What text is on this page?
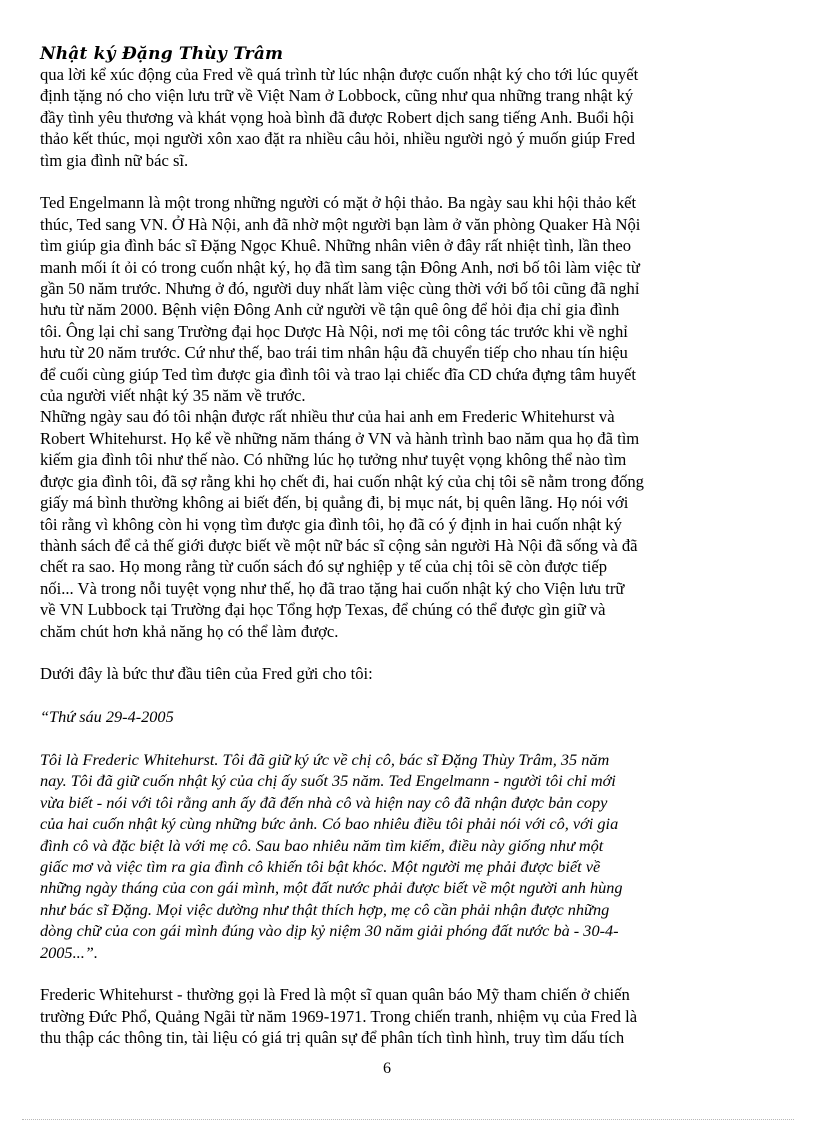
Nhật ký Đặng Thùy Trâm

qua lời kể xúc động của Fred về quá trình từ lúc nhận được cuốn nhật ký cho tới lúc quyết
định tặng nó cho viện lưu trữ về Việt Nam ở Lobbock, cũng như qua những trang nhật ký
đầy tình yêu thương và khát vọng hoà bình đã được Robert dịch sang tiếng Anh. Buổi hội
thảo kết thúc, mọi người xôn xao đặt ra nhiều câu hỏi, nhiều người ngỏ ý muốn giúp Fred
tìm gia đình nữ bác sĩ.

Ted Engelmann là một trong những người có mặt ở hội thảo. Ba ngày sau khi hội thảo kết
thúc, Ted sang VN. Ở Hà Nội, anh đã nhờ một người bạn làm ở văn phòng Quaker Hà Nội
tìm giúp gia đình bác sĩ Đặng Ngọc Khuê. Những nhân viên ở đây rất nhiệt tình, lần theo
manh mối ít ỏi có trong cuốn nhật ký, họ đã tìm sang tận Đông Anh, nơi bố tôi làm việc từ
gần 50 năm trước. Nhưng ở đó, người duy nhất làm việc cùng thời với bố tôi cũng đã nghỉ
hưu từ năm 2000. Bệnh viện Đông Anh cử người về tận quê ông để hỏi địa chỉ gia đình
tôi. Ông lại chỉ sang Trường đại học Dược Hà Nội, nơi mẹ tôi công tác trước khi về nghỉ
hưu từ 20 năm trước. Cứ như thế, bao trái tim nhân hậu đã chuyển tiếp cho nhau tín hiệu
để cuối cùng giúp Ted tìm được gia đình tôi và trao lại chiếc đĩa CD chứa đựng tâm huyết
của người viết nhật ký 35 năm về trước.

Những ngày sau đó tôi nhận được rất nhiều thư của hai anh em Frederic Whitehurst và
Robert Whitehurst. Họ kể về những năm tháng ở VN và hành trình bao năm qua họ đã tìm
kiếm gia đình tôi như thế nào. Có những lúc họ tưởng như tuyệt vọng không thể nào tìm
được gia đình tôi, đã sợ rằng khi họ chết đi, hai cuốn nhật ký của chị tôi sẽ nằm trong đống
giấy má bình thường không ai biết đến, bị quẳng đi, bị mục nát, bị quên lãng. Họ nói với
tôi rằng vì không còn hi vọng tìm được gia đình tôi, họ đã có ý định in hai cuốn nhật ký
thành sách để cả thế giới được biết về một nữ bác sĩ cộng sản người Hà Nội đã sống và đã
chết ra sao. Họ mong rằng từ cuốn sách đó sự nghiệp y tế của chị tôi sẽ còn được tiếp
nối... Và trong nỗi tuyệt vọng như thế, họ đã trao tặng hai cuốn nhật ký cho Viện lưu trữ
về VN Lubbock tại Trường đại học Tổng hợp Texas, để chúng có thể được gìn giữ và
chăm chút hơn khả năng họ có thể làm được.

Dưới đây là bức thư đầu tiên của Fred gửi cho tôi:

“Thứ sáu 29-4-2005

Tôi là Frederic Whitehurst. Tôi đã giữ ký ức về chị cô, bác sĩ Đặng Thùy Trâm, 35 năm
nay. Tôi đã giữ cuốn nhật ký của chị ấy suốt 35 năm. Ted Engelmann - người tôi chỉ mới
vừa biết - nói với tôi rằng anh ấy đã đến nhà cô và hiện nay cô đã nhận được bản copy
của hai cuốn nhật ký cùng những bức ảnh. Có bao nhiêu điều tôi phải nói với cô, với gia
đình cô và đặc biệt là với mẹ cô. Sau bao nhiêu năm tìm kiếm, điều này giống như một
giấc mơ và việc tìm ra gia đình cô khiến tôi bật khóc. Một người mẹ phải được biết về
những ngày tháng của con gái mình, một đất nước phải được biết về một người anh hùng
như bác sĩ Đặng. Mọi việc dường như thật thích hợp, mẹ cô cần phải nhận được những
dòng chữ của con gái mình đúng vào dịp kỷ niệm 30 năm giải phóng đất nước bà - 30-4-
2005...”.

Frederic Whitehurst - thường gọi là Fred là một sĩ quan quân báo Mỹ tham chiến ở chiến
trường Đức Phổ, Quảng Ngãi từ năm 1969-1971. Trong chiến tranh, nhiệm vụ của Fred là
thu thập các thông tin, tài liệu có giá trị quân sự để phân tích tình hình, truy tìm dấu tích

6
